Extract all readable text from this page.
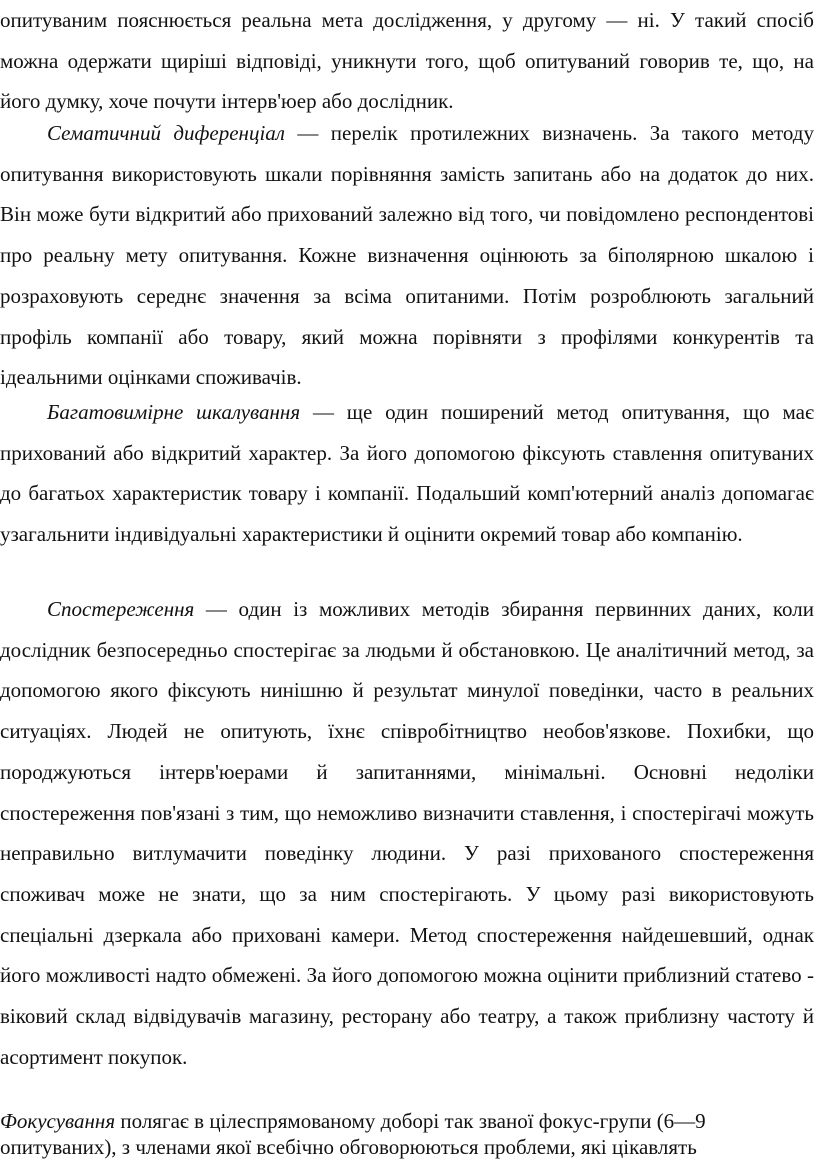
опитуваним пояснюється реальна мета дослідження, у другому — ні. У такий спосіб можна одержати щиріші відповіді, уникнути того, щоб опитуваний говорив те, що, на його думку, хоче почути інтерв'юер або дослідник.

Сематичний диференціал — перелік протилежних визначень. За такого методу опитування використовують шкали порівняння замість запитань або на додаток до них. Він може бути відкритий або прихований залежно від того, чи повідомлено респондентові про реальну мету опитування. Кожне визначення оцінюють за біполярною шкалою і розраховують середнє значення за всіма опитаними. Потім розроблюють загальний профіль компанії або товару, який можна порівняти з профілями конкурентів та ідеальними оцінками споживачів.

Багатовимірне шкалування — ще один поширений метод опитування, що має прихований або відкритий характер. За його допомогою фіксують ставлення опитуваних до багатьох характеристик товару і компанії. Подальший комп'ютерний аналіз допомагає узагальнити індивідуальні характеристики й оцінити окремий товар або компанію.

Спостереження — один із можливих методів збирання первинних даних, коли дослідник безпосередньо спостерігає за людьми й обстановкою. Це аналітичний метод, за допомогою якого фіксують нинішню й результат минулої поведінки, часто в реальних ситуаціях. Людей не опитують, їхнє співробітництво необов'язкове. Похибки, що породжуються інтерв'юерами й запитаннями, мінімальні. Основні недоліки спостереження пов'язані з тим, що неможливо визначити ставлення, і спостерігачі можуть неправильно витлумачити поведінку людини. У разі прихованого спостереження споживач може не знати, що за ним спостерігають. У цьому разі використовують спеціальні дзеркала або приховані камери. Метод спостереження найдешевший, однак його можливості надто обмежені. За його допомогою можна оцінити приблизний статево - віковий склад відвідувачів магазину, ресторану або театру, а також приблизну частоту й асортимент покупок.

Фокусування полягає в цілеспрямованому доборі так званої фокус-групи (6—9 опитуваних), з членами якої всебічно обговорюються проблеми, які цікавлять
